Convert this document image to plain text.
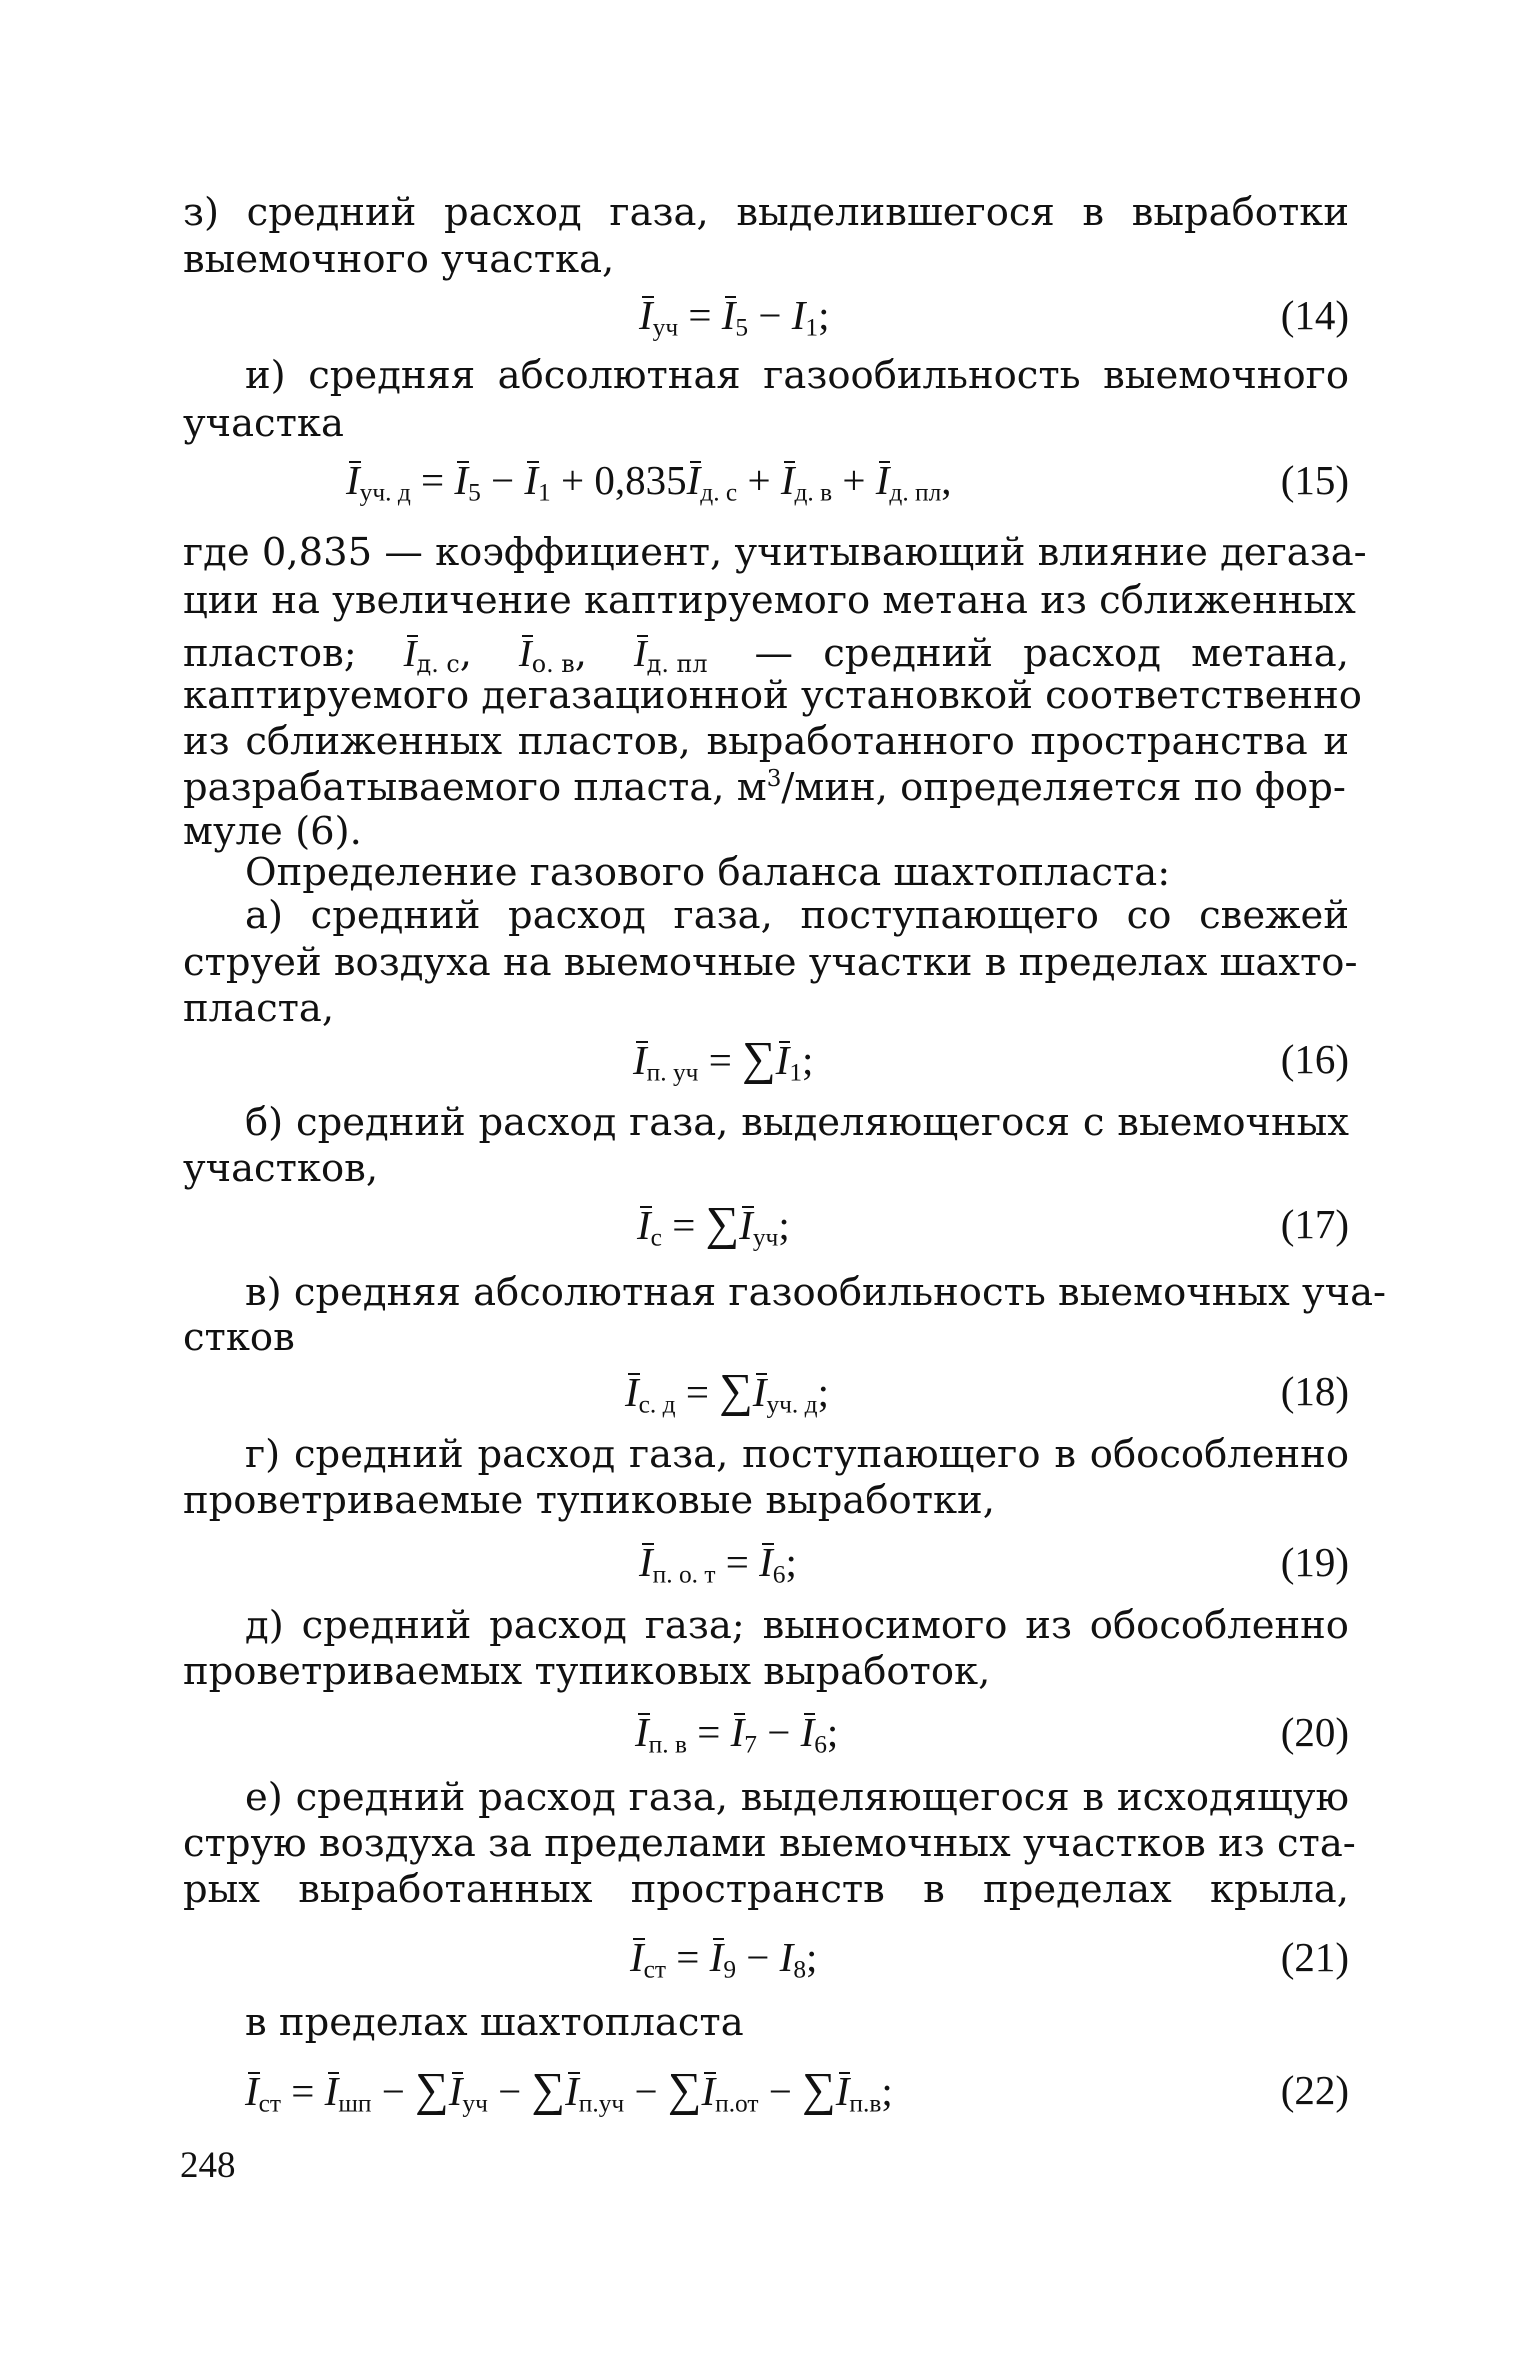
з) средний расход газа, выделившегося в выработки
выемочного участка,
$I_{уч} = I_5 - I_1$;	(14)
и) средняя абсолютная газообильность выемочного
участка
$I_{уч. д} = I_5 - I_1 + 0,835I_{д. с} + I_{д. в} + I_{д. пл}$,	(15)
где 0,835 — коэффициент, учитывающий влияние дегаза-
ции на увеличение каптируемого метана из сближенных
пластов; $I_{д. с}$, $I_{о. в}$, $I_{д. пл}$ — средний расход метана,
каптируемого дегазационной установкой соответственно
из сближенных пластов, выработанного пространства и
разрабатываемого пласта, $м^3$/мин, определяется по фор-
муле (6).
Определение газового баланса шахтопласта:
а) средний расход газа, поступающего со свежей
струей воздуха на выемочные участки в пределах шахто-
пласта,
$I_{п. уч} = \sum I_1$;	(16)
б) средний расход газа, выделяющегося с выемочных
участков,
$I_с = \sum I_{уч}$;	(17)
в) средняя абсолютная газообильность выемочных уча-
стков
$I_{с. д} = \sum I_{уч. д}$;	(18)
г) средний расход газа, поступающего в обособленно
проветриваемые тупиковые выработки,
$I_{п. о. т} = I_6$;	(19)
д) средний расход газа; выносимого из обособленно
проветриваемых тупиковых выработок,
$I_{п. в} = I_7 - I_6$;	(20)
е) средний расход газа, выделяющегося в исходящую
струю воздуха за пределами выемочных участков из ста-
рых выработанных пространств в пределах крыла,
$I_{ст} = I_9 - I_8$;	(21)
в пределах шахтопласта
$I_{ст} = I_{шп} - \sum I_{уч} - \sum I_{п.уч} - \sum I_{п.от} - \sum I_{п.в}$;	(22)
248
